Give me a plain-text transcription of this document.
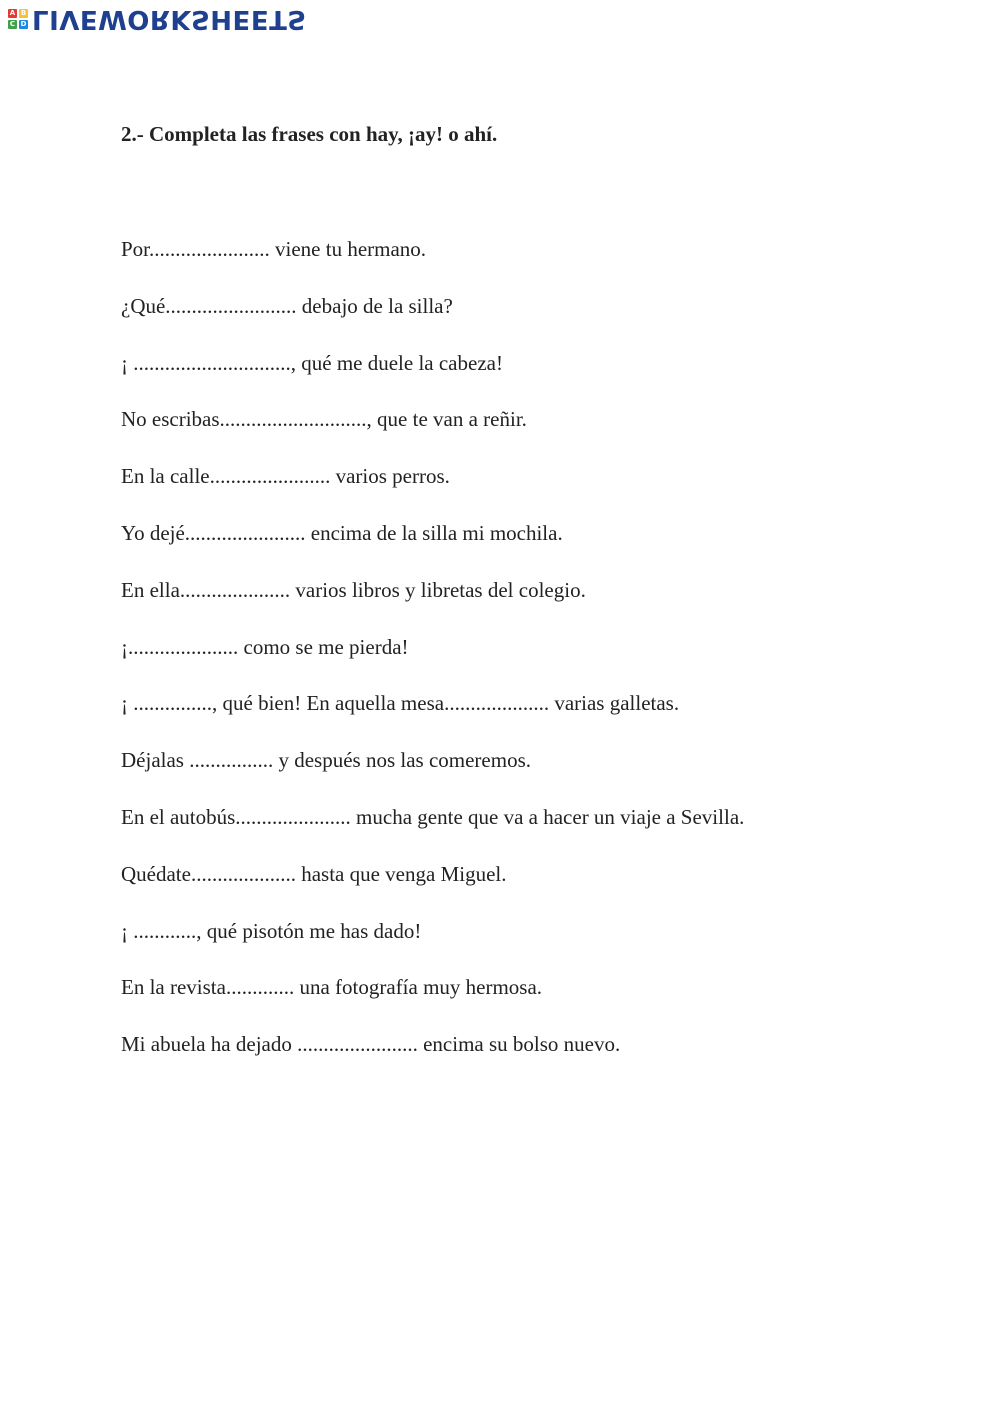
A B
C D LIVEWORKSHEETS
2.- Completa las frases con hay, ¡ay! o ahí.
Por....................... viene tu hermano.
¿Qué......................... debajo de la silla?
¡ .............................., qué me duele la cabeza!
No escribas............................, que te van a reñir.
En la calle....................... varios perros.
Yo dejé....................... encima de la silla mi mochila.
En ella..................... varios libros y libretas del colegio.
¡..................... como se me pierda!
¡ ..............., qué bien! En aquella mesa.................... varias galletas.
Déjalas ................ y después nos las comeremos.
En el autobús...................... mucha gente que va a hacer un viaje a Sevilla.
Quédate.................... hasta que venga Miguel.
¡ ............, qué pisotón me has dado!
En la revista............. una fotografía muy hermosa.
Mi abuela ha dejado ....................... encima su bolso nuevo.
